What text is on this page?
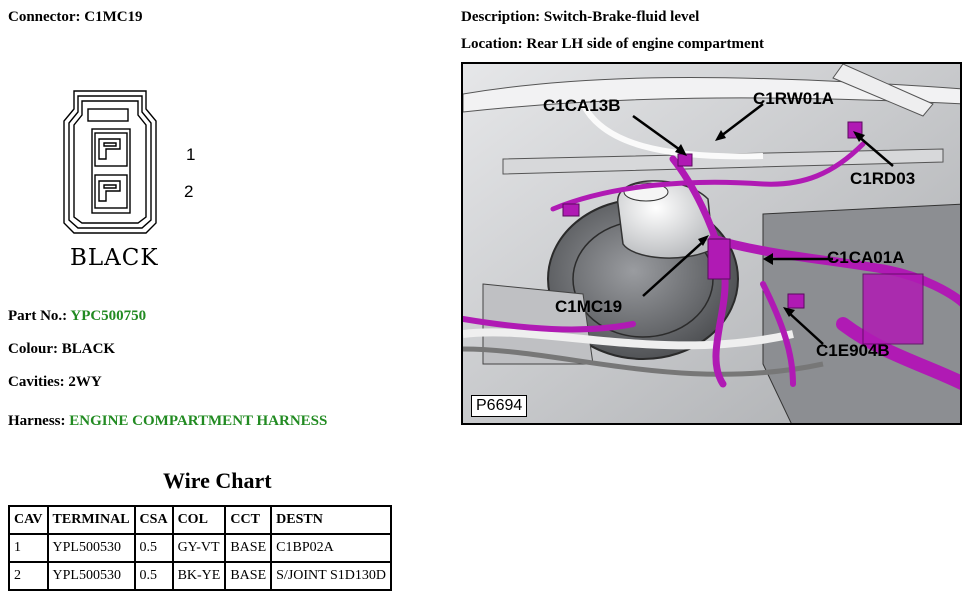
Connector: C1MC19
1
2
BLACK
Part No.: YPC500750
Colour: BLACK
Cavities: 2WY
Harness: ENGINE COMPARTMENT HARNESS
Wire Chart
CAV	TERMINAL	CSA	COL	CCT	DESTN
1	YPL500530	0.5	GY-VT	BASE	C1BP02A
2	YPL500530	0.5	BK-YE	BASE	S/JOINT S1D130D
Description: Switch-Brake-fluid level
Location: Rear LH side of engine compartment
C1CA13B	C1RW01A
C1RD03
C1CA01A
C1MC19
C1E904B
P6694
